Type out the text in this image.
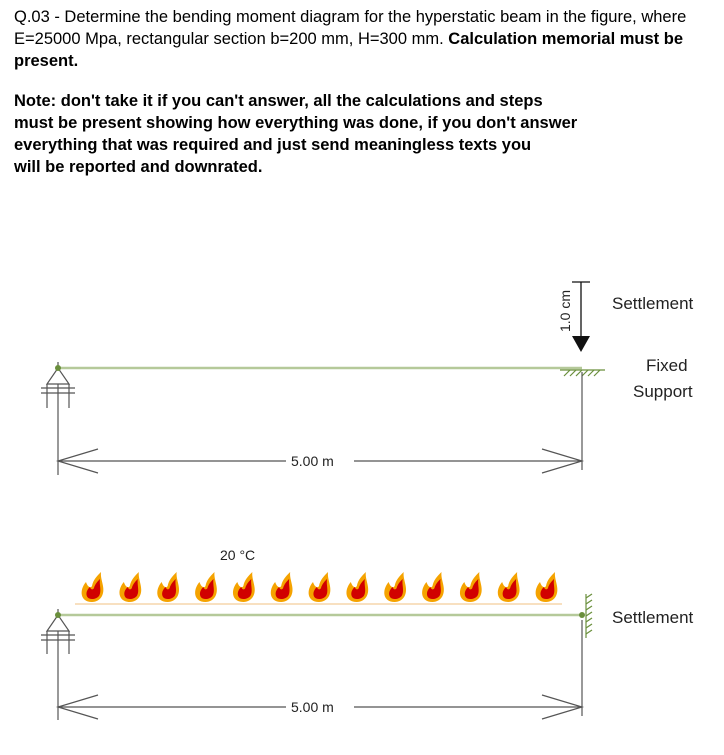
Q.03 - Determine the bending moment diagram for the hyperstatic beam in the figure, where E=25000 Mpa, rectangular section b=200 mm, H=300 mm. Calculation memorial must be present.
Note: don't take it if you can't answer, all the calculations and steps
must be present showing how everything was done, if you don't answer
everything that was required and just send meaningless texts you
will be reported and downrated.
1.0 cm Settlement
Fixed
Support
5.00 m
20 °C
Settlement
5.00 m
